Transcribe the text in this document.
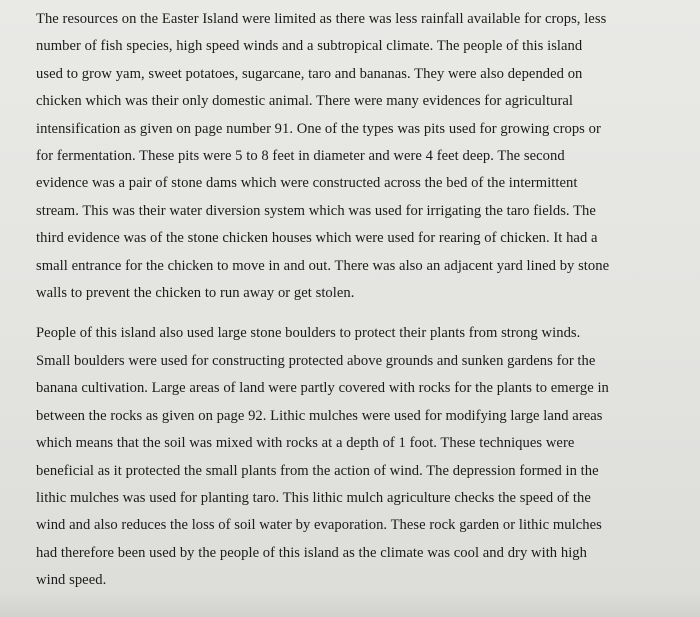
The resources on the Easter Island were limited as there was less rainfall available for crops, less
number of fish species, high speed winds and a subtropical climate. The people of this island
used to grow yam, sweet potatoes, sugarcane, taro and bananas. They were also depended on
chicken which was their only domestic animal. There were many evidences for agricultural
intensification as given on page number 91. One of the types was pits used for growing crops or
for fermentation. These pits were 5 to 8 feet in diameter and were 4 feet deep. The second
evidence was a pair of stone dams which were constructed across the bed of the intermittent
stream. This was their water diversion system which was used for irrigating the taro fields. The
third evidence was of the stone chicken houses which were used for rearing of chicken. It had a
small entrance for the chicken to move in and out. There was also an adjacent yard lined by stone
walls to prevent the chicken to run away or get stolen.

People of this island also used large stone boulders to protect their plants from strong winds.
Small boulders were used for constructing protected above grounds and sunken gardens for the
banana cultivation. Large areas of land were partly covered with rocks for the plants to emerge in
between the rocks as given on page 92. Lithic mulches were used for modifying large land areas
which means that the soil was mixed with rocks at a depth of 1 foot. These techniques were
beneficial as it protected the small plants from the action of wind. The depression formed in the
lithic mulches was used for planting taro. This lithic mulch agriculture checks the speed of the
wind and also reduces the loss of soil water by evaporation. These rock garden or lithic mulches
had therefore been used by the people of this island as the climate was cool and dry with high
wind speed.
